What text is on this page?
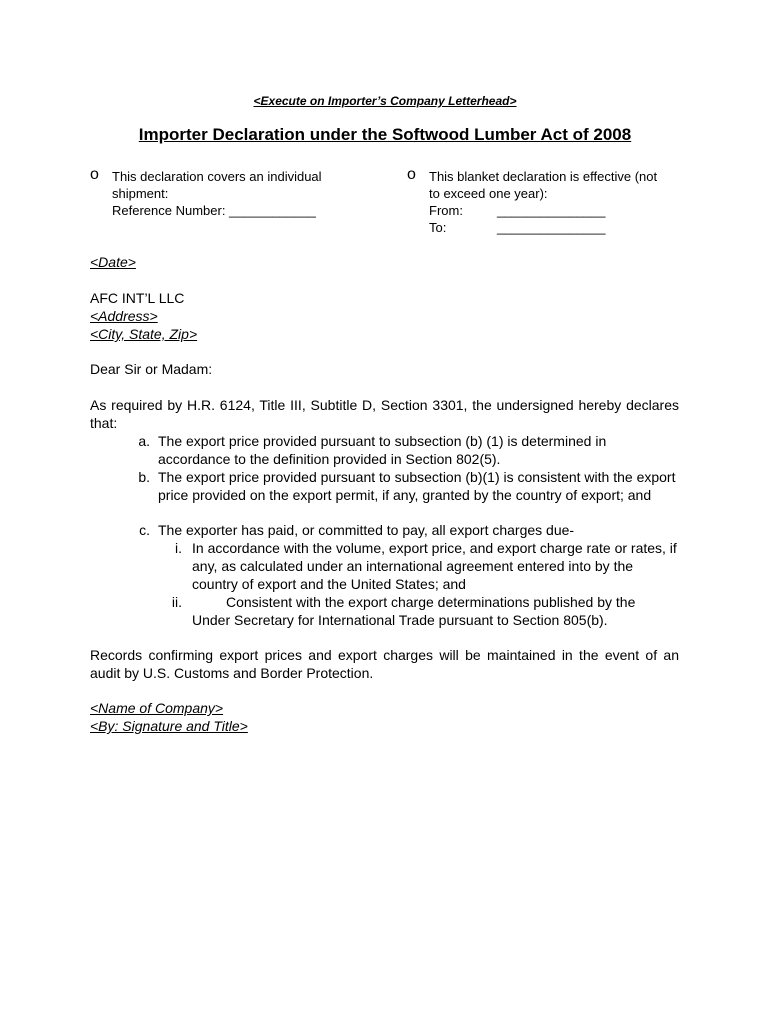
<Execute on Importer’s Company Letterhead>
Importer Declaration under the Softwood Lumber Act of 2008
o This declaration covers an individual
shipment:
Reference Number: ____________
o This blanket declaration is effective (not
to exceed one year):
From:	_______________
To:	_______________
<Date>
AFC INT’L LLC
<Address>
<City, State, Zip>
Dear Sir or Madam:
As required by H.R. 6124, Title III, Subtitle D, Section 3301, the undersigned hereby declares that:
a. The export price provided pursuant to subsection (b) (1) is determined in accordance to the definition provided in Section 802(5).
b. The export price provided pursuant to subsection (b)(1) is consistent with the export price provided on the export permit, if any, granted by the country of export; and
c. The exporter has paid, or committed to pay, all export charges due-
i. In accordance with the volume, export price, and export charge rate or rates, if any, as calculated under an international agreement entered into by the country of export and the United States; and
ii.	Consistent with the export charge determinations published by the Under Secretary for International Trade pursuant to Section 805(b).
Records confirming export prices and export charges will be maintained in the event of an audit by U.S. Customs and Border Protection.
<Name of Company>
<By: Signature and Title>
